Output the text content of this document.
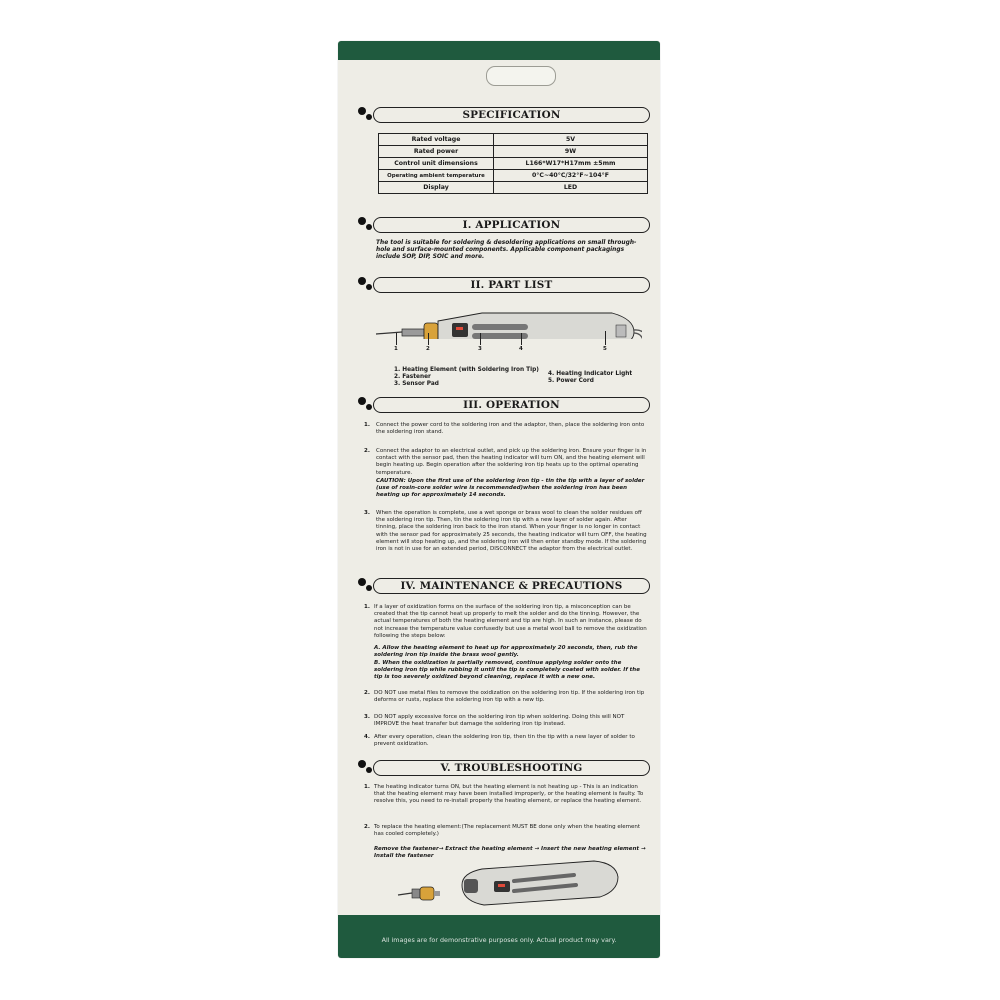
SPECIFICATION
Rated voltage	5V
Rated power	9W
Control unit dimensions	L166*W17*H17mm ±5mm
Operating ambient temperature	0°C~40°C/32°F~104°F
Display	LED
I. APPLICATION
The tool is suitable for soldering & desoldering applications on small through-hole and surface-mounted components. Applicable component packagings include SOP, DIP, SOIC and more.
II. PART LIST
1	2	3	4	5
1. Heating Element (with Soldering Iron Tip)
2. Fastener
3. Sensor Pad
4. Heating Indicator Light
5. Power Cord
III. OPERATION
1. Connect the power cord to the soldering iron and the adaptor, then, place the soldering iron onto the soldering iron stand.
2. Connect the adaptor to an electrical outlet, and pick up the soldering iron. Ensure your finger is in contact with the sensor pad, then the heating indicator will turn ON, and the heating element will begin heating up. Begin operation after the soldering iron tip heats up to the optimal operating temperature.
CAUTION: Upon the first use of the soldering iron tip - tin the tip with a layer of solder (use of rosin-core solder wire is recommended)when the soldering iron has been heating up for approximately 14 seconds.
3. When the operation is complete, use a wet sponge or brass wool to clean the solder residues off the soldering iron tip. Then, tin the soldering iron tip with a new layer of solder again. After tinning, place the soldering iron back to the iron stand. When your finger is no longer in contact with the sensor pad for approximately 25 seconds, the heating indicator will turn OFF, the heating element will stop heating up, and the soldering iron will then enter standby mode. If the soldering iron is not in use for an extended period, DISCONNECT the adaptor from the electrical outlet.
IV. MAINTENANCE & PRECAUTIONS
1. If a layer of oxidization forms on the surface of the soldering iron tip, a misconception can be created that the tip cannot heat up properly to melt the solder and do the tinning. However, the actual temperatures of both the heating element and tip are high. In such an instance, please do not increase the temperature value confusedly but use a metal wool ball to remove the oxidization following the steps below:
A. Allow the heating element to heat up for approximately 20 seconds, then, rub the soldering iron tip inside the brass wool gently.
B. When the oxidization is partially removed, continue applying solder onto the soldering iron tip while rubbing it until the tip is completely coated with solder. If the tip is too severely oxidized beyond cleaning, replace it with a new one.
2. DO NOT use metal files to remove the oxidization on the soldering iron tip. If the soldering iron tip deforms or rusts, replace the soldering iron tip with a new tip.
3. DO NOT apply excessive force on the soldering iron tip when soldering. Doing this will NOT IMPROVE the heat transfer but damage the soldering iron tip instead.
4. After every operation, clean the soldering iron tip, then tin the tip with a new layer of solder to prevent oxidization.
V. TROUBLESHOOTING
1. The heating indicator turns ON, but the heating element is not heating up - This is an indication that the heating element may have been installed improperly, or the heating element is faulty. To resolve this, you need to re-install properly the heating element, or replace the heating element.
2. To replace the heating element:(The replacement MUST BE done only when the heating element has cooled completely.)
Remove the fastener→ Extract the heating element → Insert the new heating element → Install the fastener
All images are for demonstrative purposes only. Actual product may vary.
